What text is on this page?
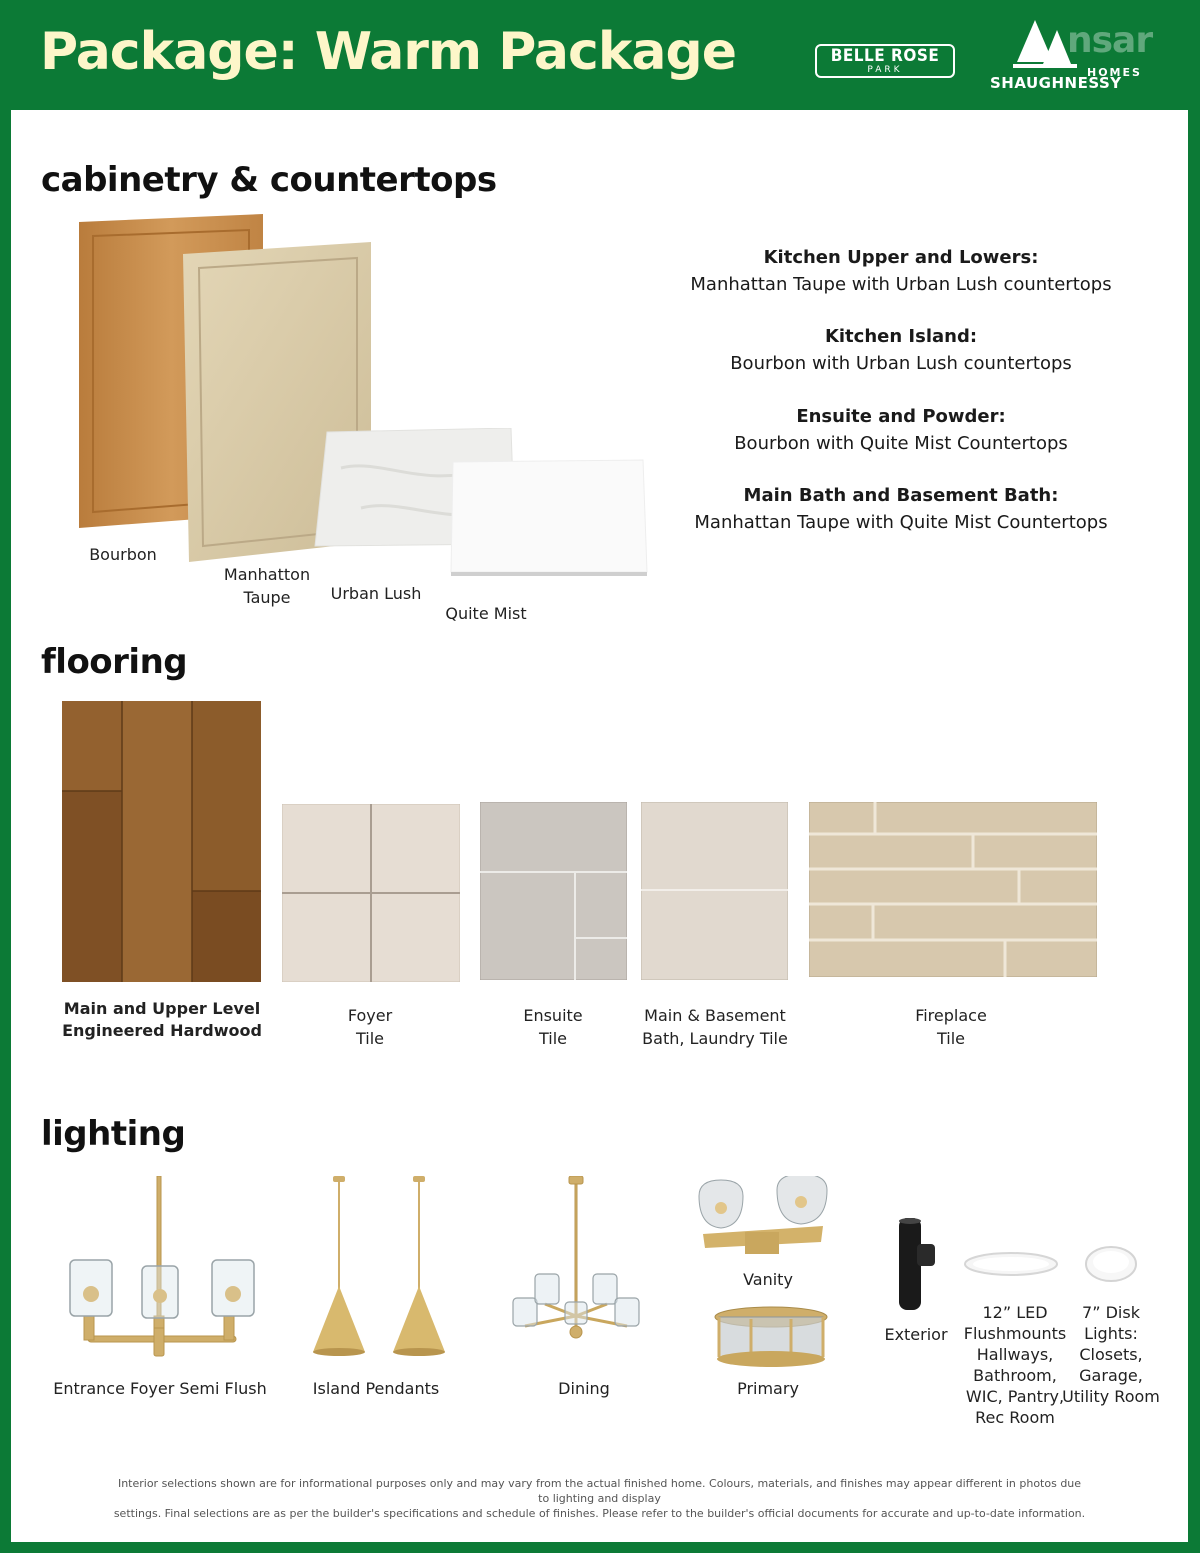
Package: Warm Package	BELLE ROSE
PARK
nsar
HOMES
SHAUGHNESSY
cabinetry & countertops
Bourbon
Manhatton
Taupe	Urban Lush
Quite Mist
Kitchen Upper and Lowers:
Manhattan Taupe with Urban Lush countertops
Kitchen Island:
Bourbon with Urban Lush countertops
Ensuite and Powder:
Bourbon with Quite Mist Countertops
Main Bath and Basement Bath:
Manhattan Taupe with Quite Mist Countertops
flooring
Main and Upper Level
Engineered Hardwood
Foyer
Tile
Ensuite
Tile
Main & Basement
Bath, Laundry Tile
Fireplace
Tile
lighting
Vanity
Entrance Foyer Semi Flush	Island Pendants	Dining	Primary
Exterior
12” LED
Flushmounts
Hallways,
Bathroom,
WIC, Pantry,
Rec Room
7” Disk
Lights:
Closets,
Garage,
Utility Room
Interior selections shown are for informational purposes only and may vary from the actual finished home. Colours, materials, and finishes may appear different in photos due to lighting and display
settings. Final selections are as per the builder's specifications and schedule of finishes. Please refer to the builder's official documents for accurate and up-to-date information.
